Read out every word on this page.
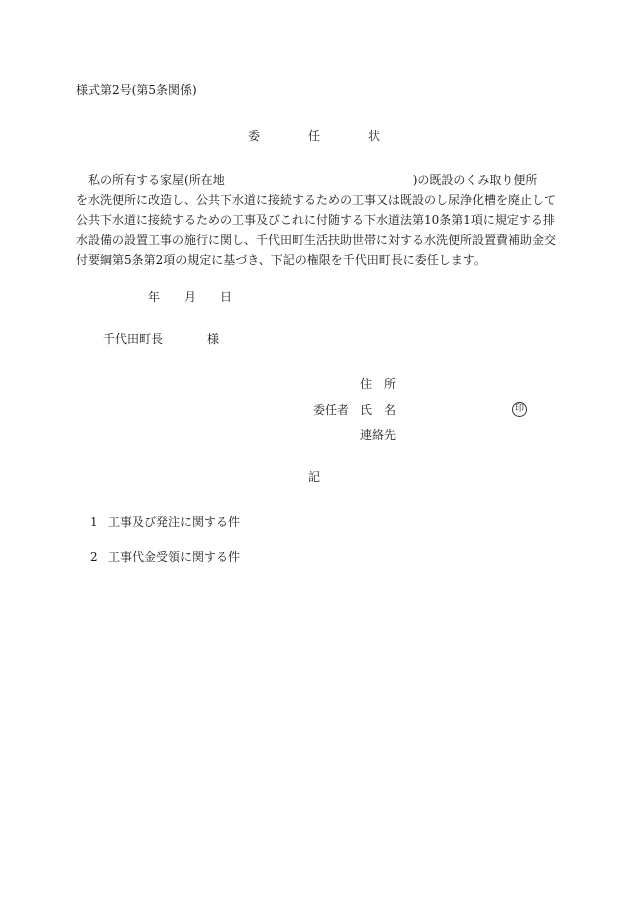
様式第2号(第5条関係)
委	任	状
　私の所有する家屋(所在地	)の既設のくみ取り便所
を水洗便所に改造し、公共下水道に接続するための工事又は既設のし尿浄化槽を廃止して
公共下水道に接続するための工事及びこれに付随する下水道法第10条第1項に規定する排
水設備の設置工事の施行に関し、千代田町生活扶助世帯に対する水洗便所設置費補助金交
付要綱第5条第2項の規定に基づき、下記の権限を千代田町長に委任します。
年 月 日
千代田町長	様
住　所
委任者 氏　名	印
連絡先
記
1 工事及び発注に関する件
2 工事代金受領に関する件
